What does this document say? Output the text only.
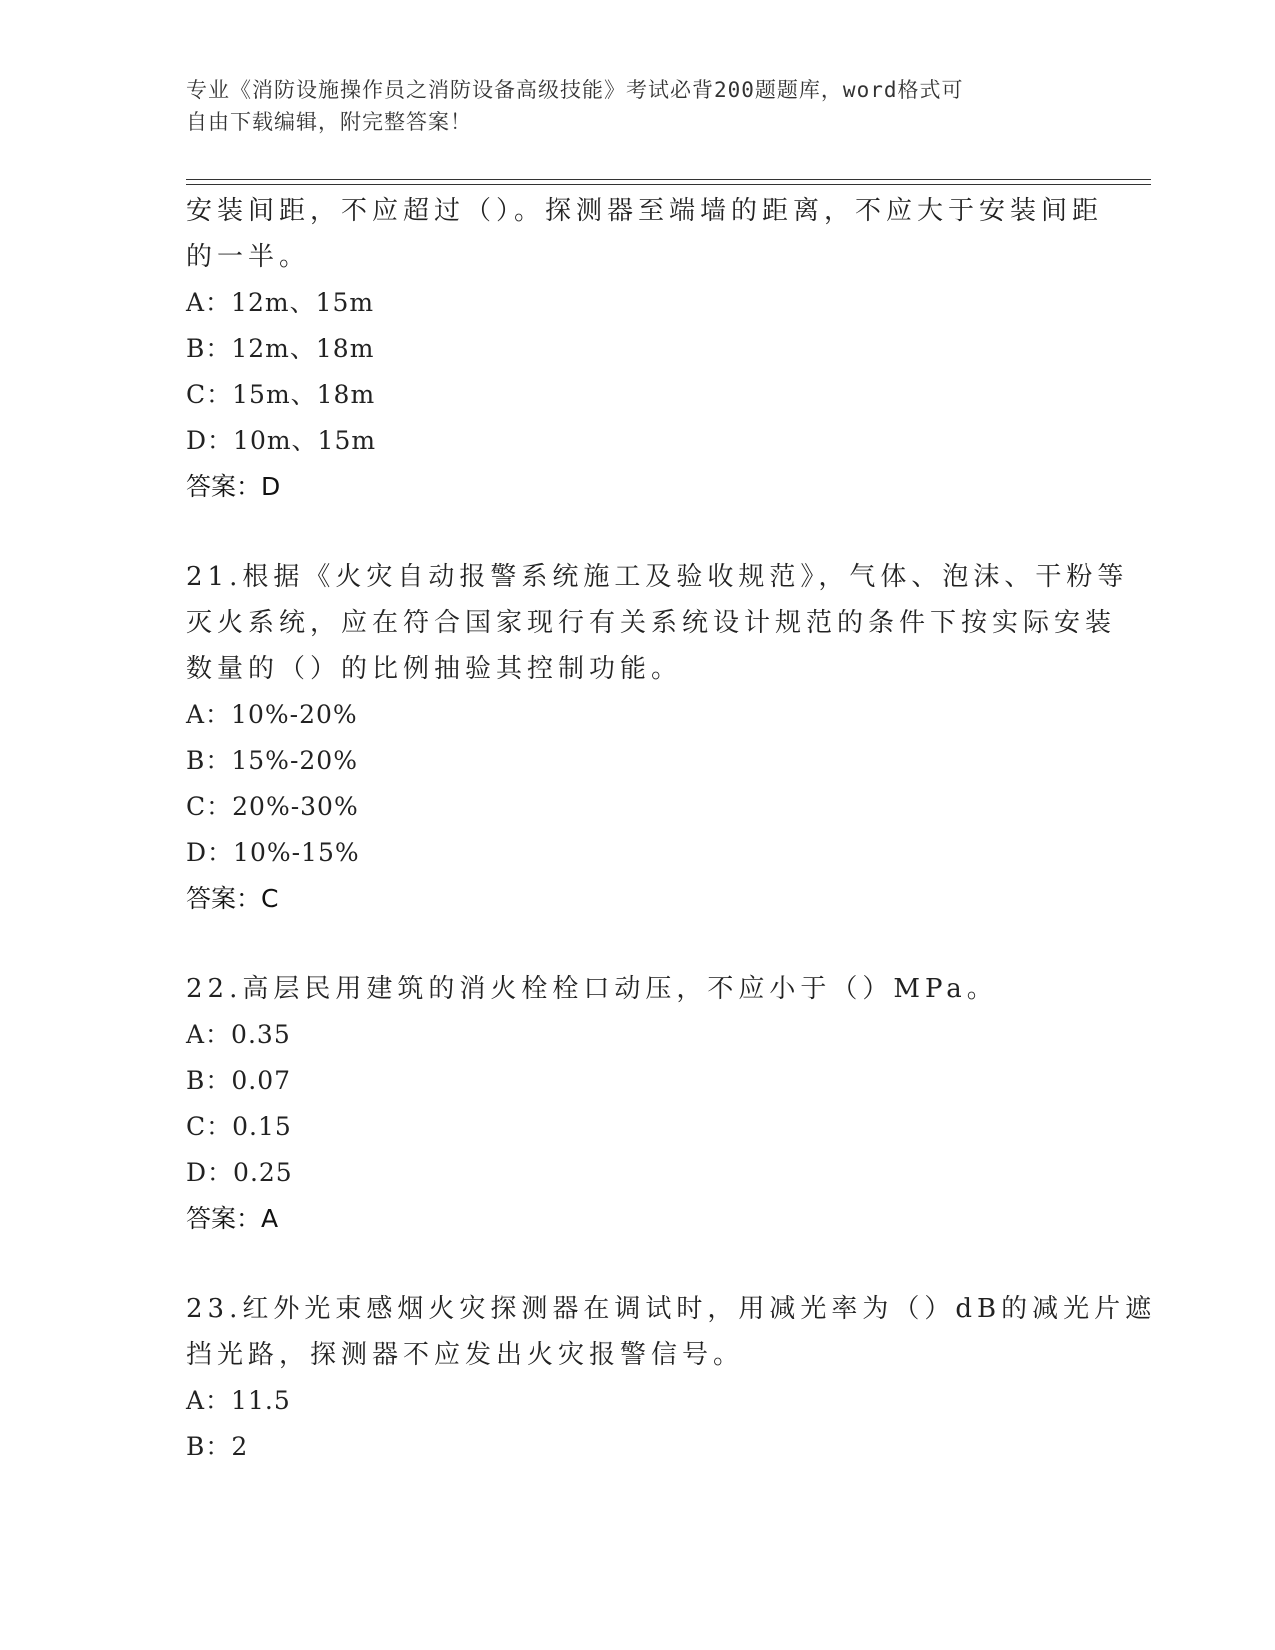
专业《消防设施操作员之消防设备高级技能》考试必背200题题库，word格式可
自由下载编辑，附完整答案！
安装间距，不应超过（）。探测器至端墙的距离，不应大于安装间距
的一半。
A：12m、15m
B：12m、18m
C：15m、18m
D：10m、15m
答案：D
21.根据《火灾自动报警系统施工及验收规范》，气体、泡沫、干粉等
灭火系统，应在符合国家现行有关系统设计规范的条件下按实际安装
数量的（）的比例抽验其控制功能。
A：10%-20%
B：15%-20%
C：20%-30%
D：10%-15%
答案：C
22.高层民用建筑的消火栓栓口动压，不应小于（）MPa。
A：0.35
B：0.07
C：0.15
D：0.25
答案：A
23.红外光束感烟火灾探测器在调试时，用减光率为（）dB的减光片遮
挡光路，探测器不应发出火灾报警信号。
A：11.5
B：2
